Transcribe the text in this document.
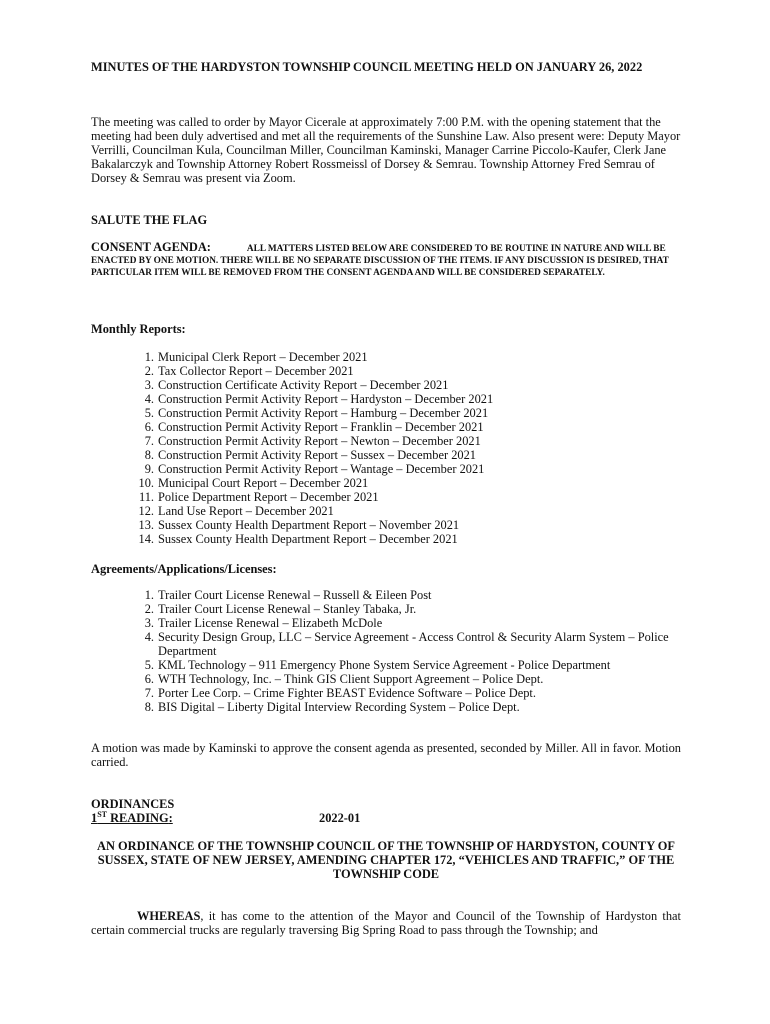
MINUTES OF THE HARDYSTON TOWNSHIP COUNCIL MEETING HELD ON JANUARY 26, 2022
The meeting was called to order by Mayor Cicerale at approximately 7:00 P.M. with the opening statement that the meeting had been duly advertised and met all the requirements of the Sunshine Law. Also present were: Deputy Mayor Verrilli, Councilman Kula, Councilman Miller, Councilman Kaminski, Manager Carrine Piccolo-Kaufer, Clerk Jane Bakalarczyk and Township Attorney Robert Rossmeissl of Dorsey & Semrau. Township Attorney Fred Semrau of Dorsey & Semrau was present via Zoom.
SALUTE THE FLAG
CONSENT AGENDA:	ALL MATTERS LISTED BELOW ARE CONSIDERED TO BE ROUTINE IN NATURE AND WILL BE ENACTED BY ONE MOTION. THERE WILL BE NO SEPARATE DISCUSSION OF THE ITEMS. IF ANY DISCUSSION IS DESIRED, THAT PARTICULAR ITEM WILL BE REMOVED FROM THE CONSENT AGENDA AND WILL BE CONSIDERED SEPARATELY.
Monthly Reports:
1. Municipal Clerk Report – December 2021
2. Tax Collector Report – December 2021
3. Construction Certificate Activity Report – December 2021
4. Construction Permit Activity Report – Hardyston – December 2021
5. Construction Permit Activity Report – Hamburg – December 2021
6. Construction Permit Activity Report – Franklin – December 2021
7. Construction Permit Activity Report – Newton – December 2021
8. Construction Permit Activity Report – Sussex – December 2021
9. Construction Permit Activity Report – Wantage – December 2021
10. Municipal Court Report – December 2021
11. Police Department Report – December 2021
12. Land Use Report – December 2021
13. Sussex County Health Department Report – November 2021
14. Sussex County Health Department Report – December 2021
Agreements/Applications/Licenses:
1. Trailer Court License Renewal – Russell & Eileen Post
2. Trailer Court License Renewal – Stanley Tabaka, Jr.
3. Trailer License Renewal – Elizabeth McDole
4. Security Design Group, LLC – Service Agreement - Access Control & Security Alarm System – Police Department
5. KML Technology – 911 Emergency Phone System Service Agreement - Police Department
6. WTH Technology, Inc. – Think GIS Client Support Agreement – Police Dept.
7. Porter Lee Corp. – Crime Fighter BEAST Evidence Software – Police Dept.
8. BIS Digital – Liberty Digital Interview Recording System – Police Dept.
A motion was made by Kaminski to approve the consent agenda as presented, seconded by Miller. All in favor. Motion carried.
ORDINANCES
1ST READING:	2022-01
AN ORDINANCE OF THE TOWNSHIP COUNCIL OF THE TOWNSHIP OF HARDYSTON, COUNTY OF SUSSEX, STATE OF NEW JERSEY, AMENDING CHAPTER 172, “VEHICLES AND TRAFFIC,” OF THE TOWNSHIP CODE
WHEREAS, it has come to the attention of the Mayor and Council of the Township of Hardyston that certain commercial trucks are regularly traversing Big Spring Road to pass through the Township; and
